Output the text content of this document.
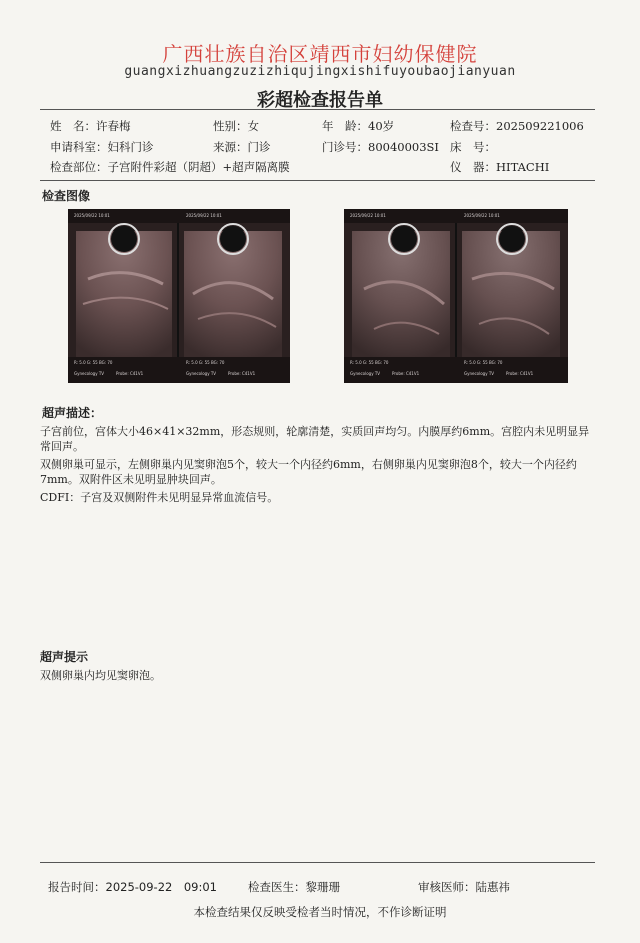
广西壮族自治区靖西市妇幼保健院
guangxizhuangzuzizhiqujingxishifuyoubaojianyuan
彩超检查报告单
姓　名：许春梅	性别：女	年　龄：40岁	检查号：202509221006
申请科室：妇科门诊	来源：门诊	门诊号：80040003SI 床　号：
检查部位：子宫附件彩超（阴超）+超声隔离膜	仪　器：HITACHI
检查图像
2025/09/22 10:01	2025/09/22 10:01
R: 5.0 G: 55 BG: 70	R: 5.0 G: 55 BG: 70
Gynecology TV	Probe: C41V1	Gynecology TV	Probe: C41V1
2025/09/22 10:01	2025/09/22 10:01
R: 5.0 G: 55 BG: 70	R: 5.0 G: 55 BG: 70
Gynecology TV	Probe: C41V1	Gynecology TV	Probe: C41V1
超声描述：
子宫前位，宫体大小46×41×32mm，形态规则，轮廓清楚，实质回声均匀。内膜厚约6mm。宫腔内未见明显异常回声。
双侧卵巢可显示，左侧卵巢内见窦卵泡5个，较大一个内径约6mm，右侧卵巢内见窦卵泡8个，较大一个内径约7mm。双附件区未见明显肿块回声。
CDFI：子宫及双侧附件未见明显异常血流信号。
超声提示
双侧卵巢内均见窦卵泡。
报告时间：2025-09-22　09:01	检查医生：黎珊珊	审核医师：陆惠祎
本检查结果仅反映受检者当时情况，不作诊断证明
